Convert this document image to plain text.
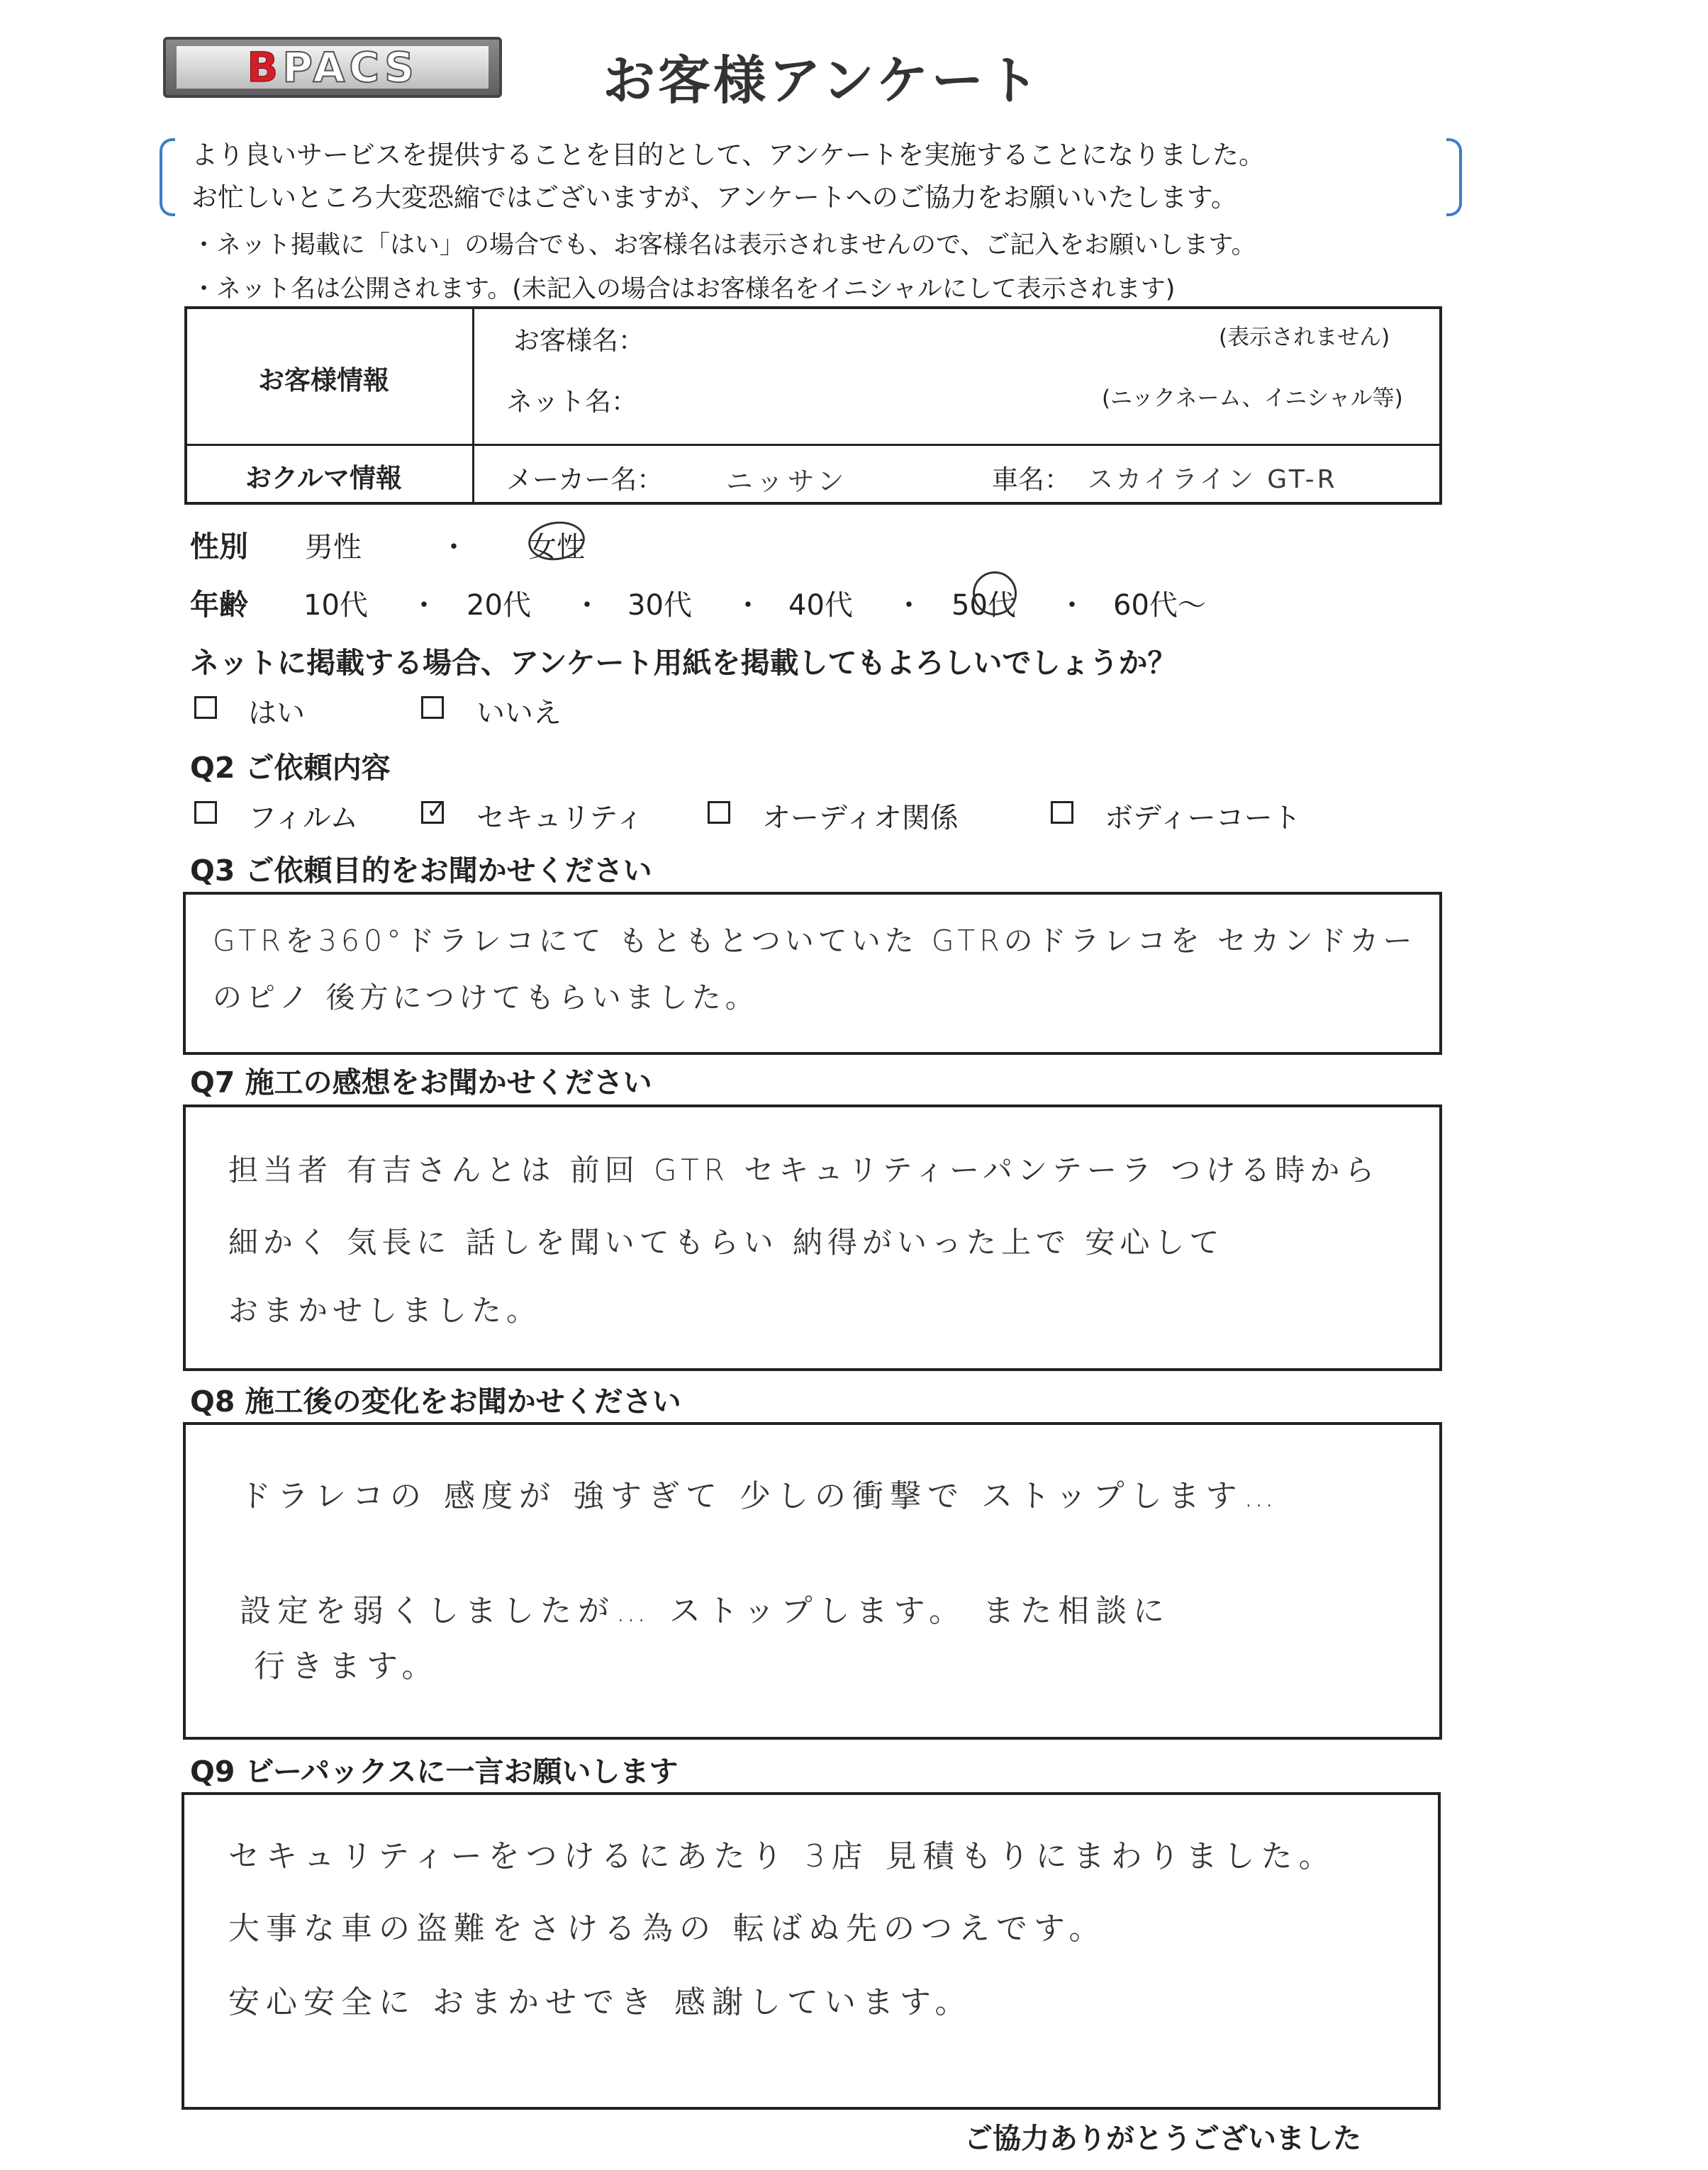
BPACS	お客様アンケート
より良いサービスを提供することを目的として、アンケートを実施することになりました。
お忙しいところ大変恐縮ではございますが、アンケートへのご協力をお願いいたします。
・ネット掲載に「はい」の場合でも、お客様名は表示されませんので、ご記入をお願いします。
・ネット名は公開されます。(未記入の場合はお客様名をイニシャルにして表示されます)
お客様情報
お客様名：	(表示されません)
ネット名：	(ニックネーム、イニシャル等)
おクルマ情報	メーカー名： ニッサン	車名： スカイライン GT-R
性別 男性	・ 女性
年齢 10代 ・ 20代 ・ 30代 ・ 40代 ・ 50代 ・ 60代～
ネットに掲載する場合、アンケート用紙を掲載してもよろしいでしょうか？
はい	いいえ
Q2 ご依頼内容
フィルム	✓ セキュリティ	オーディオ関係	ボディーコート
Q3 ご依頼目的をお聞かせください
GTRを360°ドラレコにて もともとついていた GTRのドラレコを セカンドカー
のピノ 後方につけてもらいました。
Q7 施工の感想をお聞かせください
担当者 有吉さんとは 前回 GTR セキュリティーパンテーラ つける時から
細かく 気長に 話しを聞いてもらい 納得がいった上で 安心して
おまかせしました。
Q8 施工後の変化をお聞かせください
ドラレコの 感度が 強すぎて 少しの衝撃で ストップします…
設定を弱くしましたが… ストップします。 また相談に
行きます。
Q9 ビーパックスに一言お願いします
セキュリティーをつけるにあたり 3店 見積もりにまわりました。
大事な車の盗難をさける為の 転ばぬ先のつえです。
安心安全に おまかせでき 感謝しています。
ご協力ありがとうございました
